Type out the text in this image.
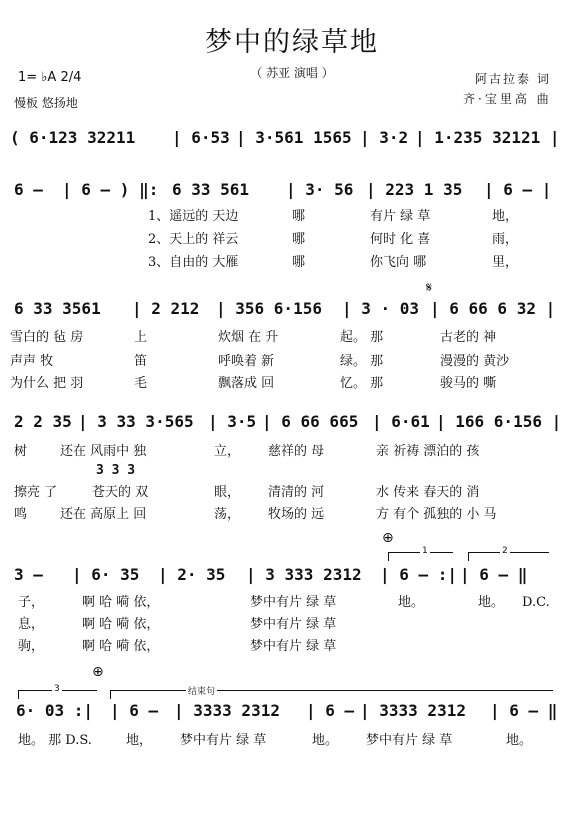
梦中的绿草地
（ 苏亚 演唱 ）
1= ♭A 2/4
慢板 悠扬地
阿古拉泰 词
齐·宝里高 曲

( 6·123 32211

| 6·53

| 3·561 1565

| 3·2

| 1·235 32121 |

6 –

| 6 – ) ‖:

6 33 561

| 3· 56

| 223 1 35

| 6 – |

1、遥远的 天边

	哪

	有片 绿 草

	地，

2、天上的 祥云

	哪

	何时 化 喜

	雨，

3、自由的 大雁

	哪

	你飞向 哪

	里，

𝄋

6 33 3561

| 2 212

| 356 6·156

| 3 · 03

| 6 66 6 32 |

雪白的 毡 房

	上

	炊烟 在 升

	起。 那

	古老的 神

声声 牧

	笛

	呼唤着 新

	绿。 那

	漫漫的 黄沙

为什么 把 羽

	毛

	飘落成 回

	忆。 那

	骏马的 嘶

2 2 35

| 3 33 3·565

| 3·5

| 6 66 665

| 6·61

| 166 6·156 |

树

	还在 风雨中 独

	立，

慈祥的 母

	亲 祈祷 漂泊的 孩

3 3 3

擦亮 了

	苍天的 双

	眼，

清清的 河

	水 传来 春天的 消

鸣

	还在 高原上 回

	荡，

牧场的 远

	方 有个 孤独的 小 马

⊕
1	2

3 –

| 6· 35

| 2· 35

| 3 333 2312

| 6 – :|

| 6 – ‖

子，

	啊 哈 嗬 依，

	梦中有片 绿 草

	地。

	地。

D.C.

息，

	啊 哈 嗬 依，

	梦中有片 绿 草

驹，

	啊 哈 嗬 依，

	梦中有片 绿 草

⊕
3	结束句

6· 03 :|

| 6 –

| 3333 2312

| 6 –

| 3333 2312

| 6 – ‖

地。 那 D.S.

	地，

梦中有片 绿 草

	地。

梦中有片 绿 草

	地。
